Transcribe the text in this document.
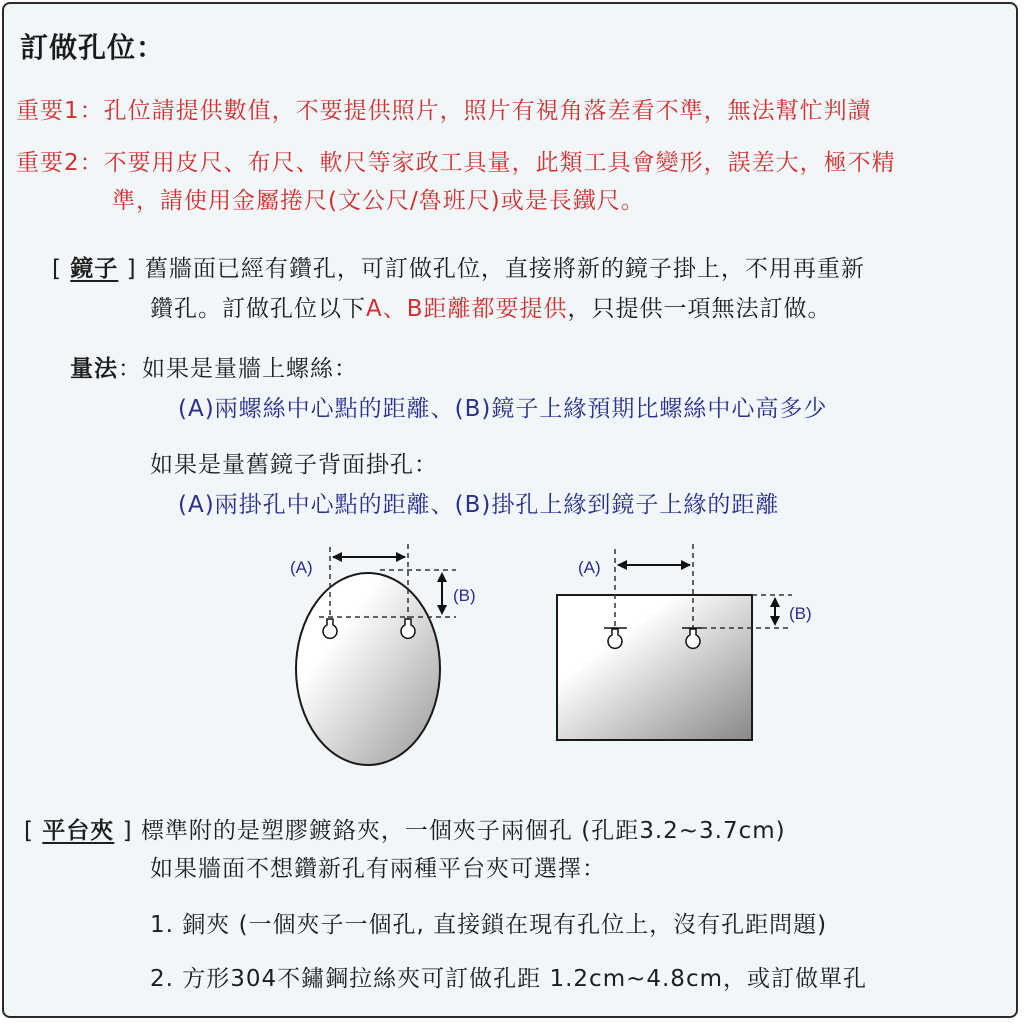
訂做孔位：
重要1：孔位請提供數值，不要提供照片，照片有視角落差看不準，無法幫忙判讀
重要2：不要用皮尺、布尺、軟尺等家政工具量，此類工具會變形，誤差大，極不精
準，請使用金屬捲尺(文公尺/魯班尺)或是長鐵尺。
[ 鏡子 ] 舊牆面已經有鑽孔，可訂做孔位，直接將新的鏡子掛上，不用再重新
鑽孔。訂做孔位以下A、B距離都要提供，只提供一項無法訂做。
量法：如果是量牆上螺絲：
(A)兩螺絲中心點的距離、(B)鏡子上緣預期比螺絲中心高多少
如果是量舊鏡子背面掛孔：
(A)兩掛孔中心點的距離、(B)掛孔上緣到鏡子上緣的距離
(A)
(B)
(A)
(B)
[ 平台夾 ] 標準附的是塑膠鍍鉻夾，一個夾子兩個孔 (孔距3.2~3.7cm)
如果牆面不想鑽新孔有兩種平台夾可選擇：
1. 銅夾 (一個夾子一個孔, 直接鎖在現有孔位上，沒有孔距問題)
2. 方形304不鏽鋼拉絲夾可訂做孔距 1.2cm~4.8cm，或訂做單孔
